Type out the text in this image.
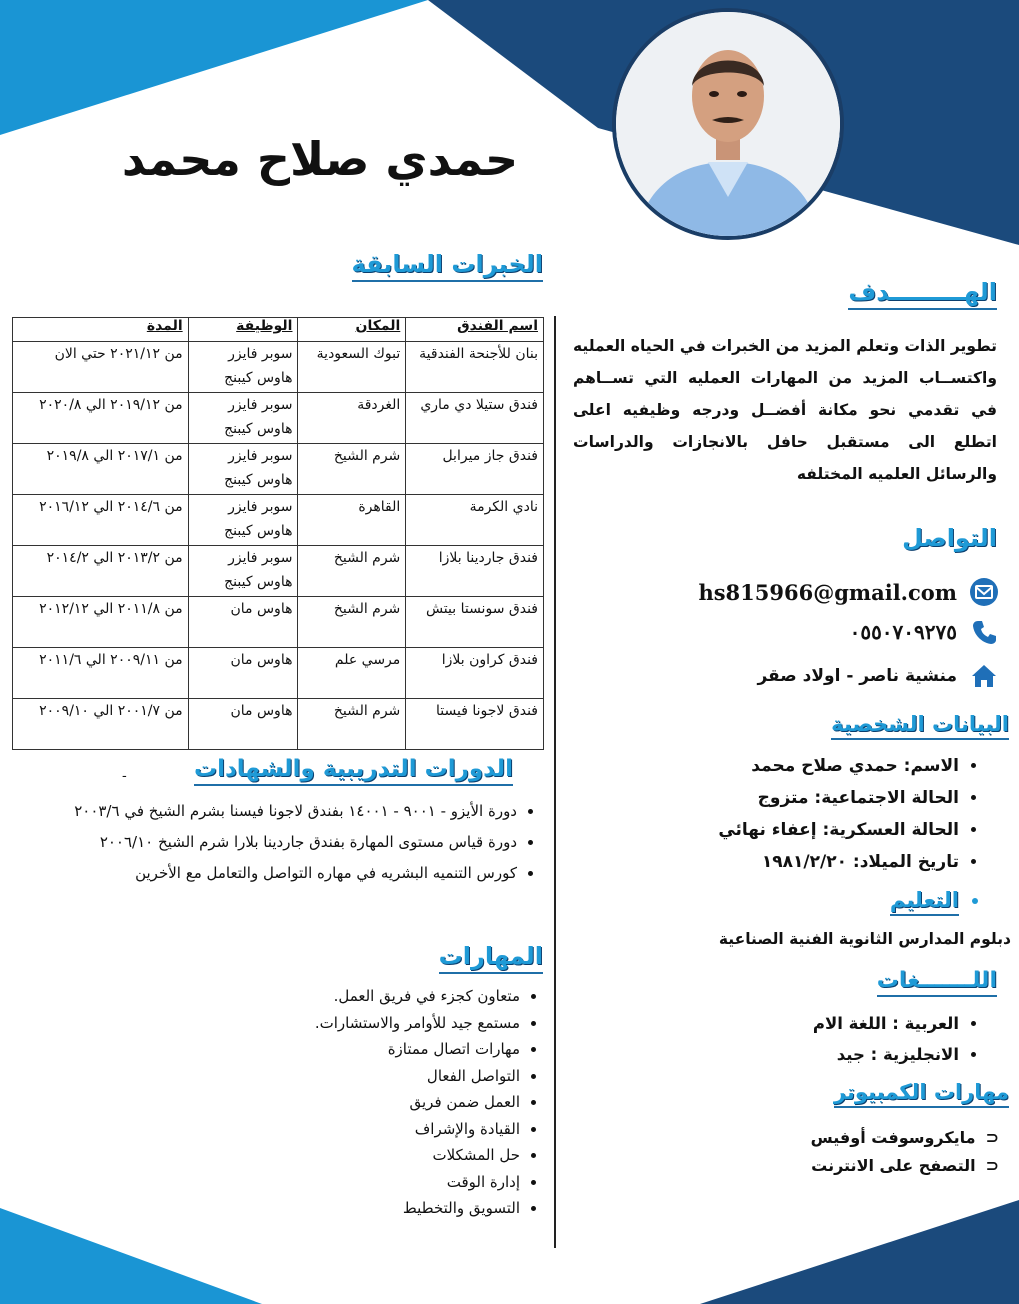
حمدي صلاح محمد
الخبرات السابقة
الهـــــــــدف
تطوير الذات وتعلم المزيد من الخبرات في الحياه العمليه واكتســاب المزيد من المهارات العمليه التي تســاهم في تقدمي نحو مكانة أفضــل ودرجه وظيفيه اعلى اتطلع الى مستقبل حافل بالانجازات والدراسات والرسائل العلميه المختلفه
التواصل
hs815966@gmail.com
٠٥٥٠٧٠٩٢٧٥
منشية ناصر - اولاد صقر
البيانات الشخصية
• الاسم: حمدي صلاح محمد
• الحالة الاجتماعية: متزوج
• الحالة العسكرية: إعفاء نهائي
• تاريخ الميلاد: ١٩٨١/٢/٢٠
• التعليم
دبلوم المدارس الثانوية الفنية الصناعية
اللـــــــغات
• العربية : اللغة الام
• الانجليزية : جيد
مهارات الكمبيوتر
⊂
مايكروسوفت أوفيس
⊂
التصفح على الانترنت
اسم الفندق	المكان	الوظيفة	المدة
بنان للأجنحة الفندقية	تبوك السعودية	سوبر فايزر هاوس كيبنج	من ٢٠٢١/١٢ حتي الان
فندق ستيلا دي ماري	الغردقة	سوبر فايزر هاوس كيبنج	من ٢٠١٩/١٢ الي ٢٠٢٠/٨
فندق جاز ميرابل	شرم الشيخ	سوبر فايزر هاوس كيبنج	من ٢٠١٧/١ الي ٢٠١٩/٨
نادي الكرمة	القاهرة	سوبر فايزر هاوس كيبنج	من ٢٠١٤/٦ الي ٢٠١٦/١٢
فندق جاردينا بلازا	شرم الشيخ	سوبر فايزر هاوس كيبنج	من ٢٠١٣/٢ الي ٢٠١٤/٢
فندق سونستا بيتش	شرم الشيخ	هاوس مان	من ٢٠١١/٨ الي ٢٠١٢/١٢
فندق كراون بلازا	مرسي علم	هاوس مان	من ٢٠٠٩/١١ الي ٢٠١١/٦
فندق لاجونا فيستا	شرم الشيخ	هاوس مان	من ٢٠٠١/٧ الي ٢٠٠٩/١٠
الدورات التدريبية والشهادات
-
• دورة الأيزو - ٩٠٠١ - ١٤٠٠١ بفندق لاجونا فيسنا بشرم الشيخ في ٢٠٠٣/٦
• دورة قياس مستوى المهارة بفندق جاردينا بلارا شرم الشيخ ٢٠٠٦/١٠
• كورس التنميه البشريه في مهاره التواصل والتعامل مع الأخرين
المهارات
• متعاون كجزء في فريق العمل.
• مستمع جيد للأوامر والاستشارات.
• مهارات اتصال ممتازة
• التواصل الفعال
• العمل ضمن فريق
• القيادة والإشراف
• حل المشكلات
• إدارة الوقت
• التسويق والتخطيط
